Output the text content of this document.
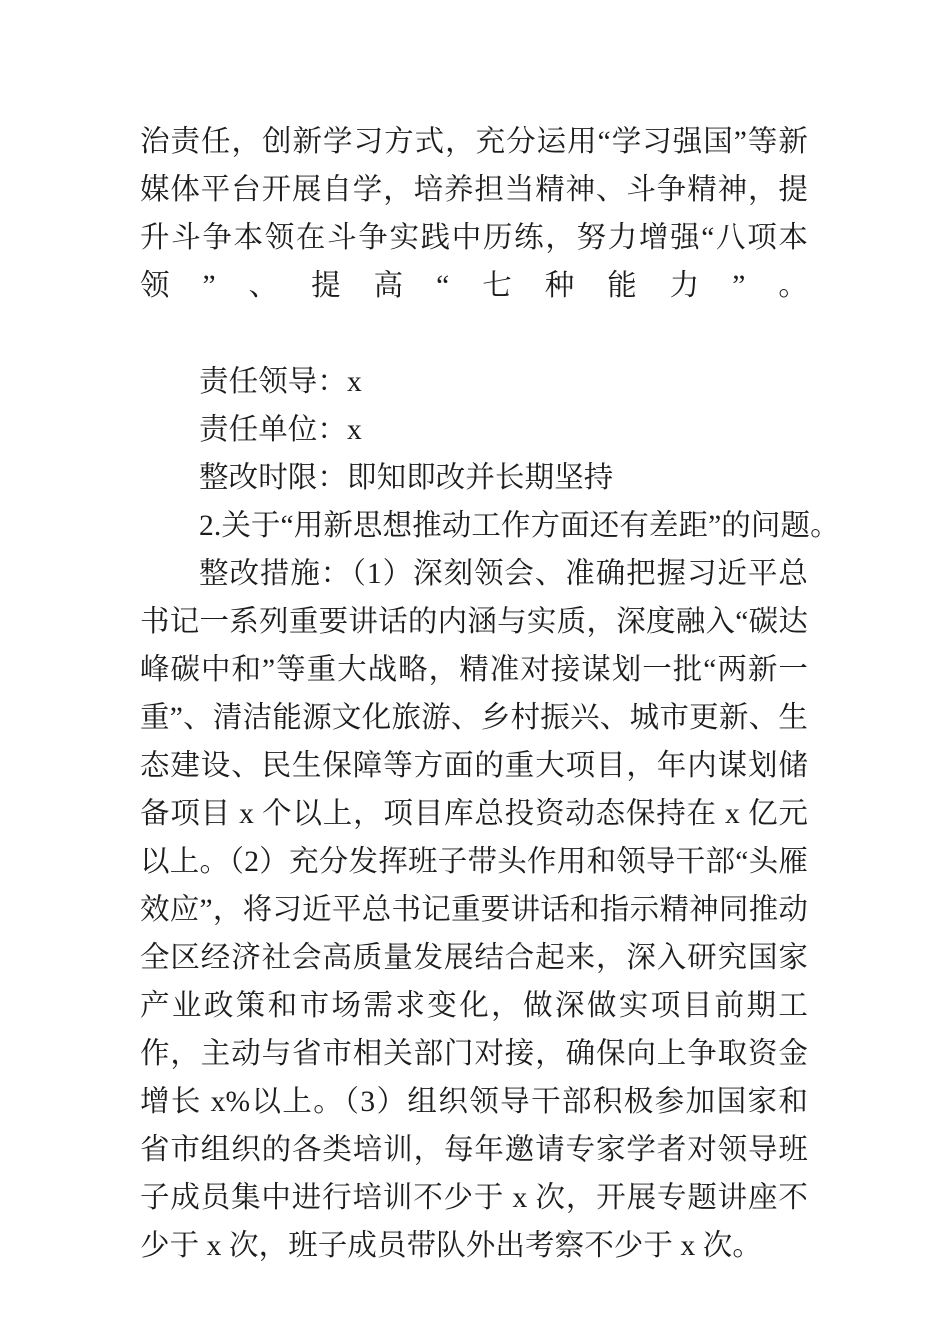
治责任，创新学习方式，充分运用“学习强国”等新媒体平台开展自学，培养担当精神、斗争精神，提升斗争本领在斗争实践中历练，努力增强“八项本领”、提高“七种能力”。

责任领导：x

责任单位：x

整改时限：即知即改并长期坚持

2.关于“用新思想推动工作方面还有差距”的问题。

整改措施：（1）深刻领会、准确把握习近平总书记一系列重要讲话的内涵与实质，深度融入“碳达峰碳中和”等重大战略，精准对接谋划一批“两新一重”、清洁能源文化旅游、乡村振兴、城市更新、生态建设、民生保障等方面的重大项目，年内谋划储备项目 x 个以上，项目库总投资动态保持在 x 亿元以上。（2）充分发挥班子带头作用和领导干部“头雁效应”，将习近平总书记重要讲话和指示精神同推动全区经济社会高质量发展结合起来，深入研究国家产业政策和市场需求变化，做深做实项目前期工作，主动与省市相关部门对接，确保向上争取资金增长 x%以上。（3）组织领导干部积极参加国家和省市组织的各类培训，每年邀请专家学者对领导班子成员集中进行培训不少于 x 次，开展专题讲座不少于 x 次，班子成员带队外出考察不少于 x 次。
